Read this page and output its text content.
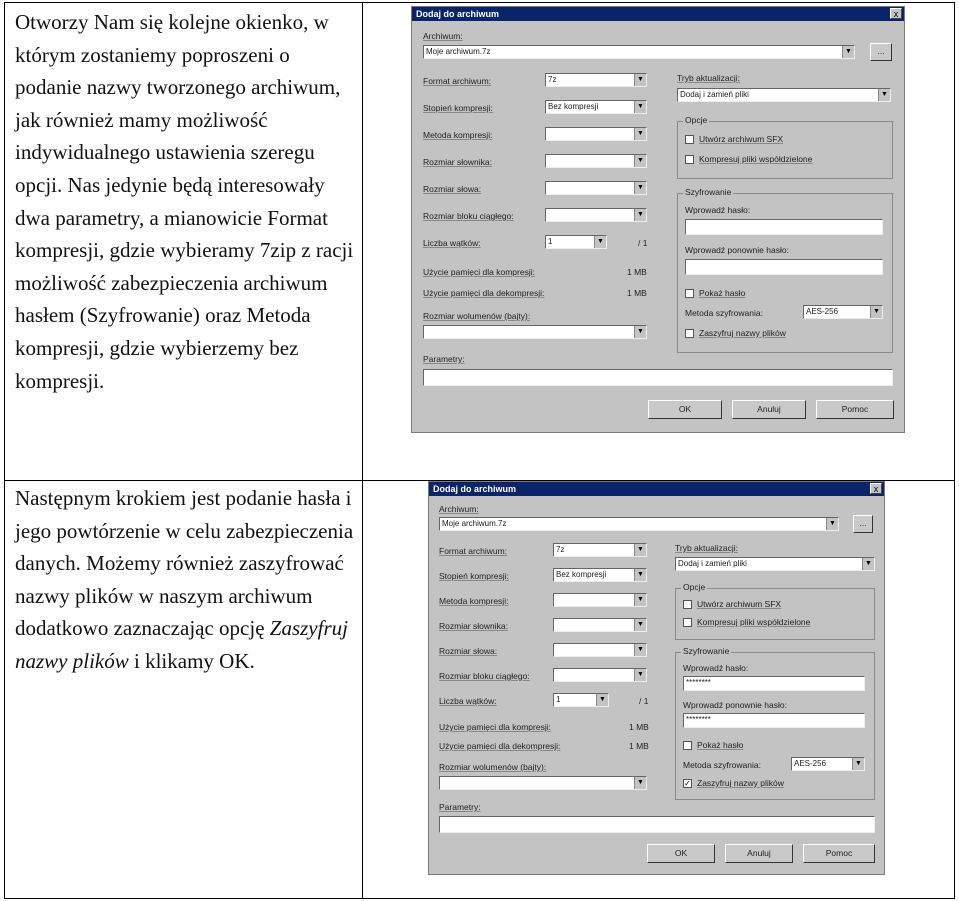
Otworzy Nam się kolejne okienko, w którym zostaniemy poproszeni o podanie nazwy tworzonego archiwum, jak również mamy możliwość indywidualnego ustawienia szeregu opcji. Nas jedynie będą interesowały dwa parametry, a mianowicie Format kompresji, gdzie wybieramy 7zip z racji możliwość zabezpieczenia archiwum hasłem (Szyfrowanie) oraz Metoda kompresji, gdzie wybierzemy bez kompresji.

Następnym krokiem jest podanie hasła i jego powtórzenie w celu zabezpieczenia danych. Możemy również zaszyfrować nazwy plików w naszym archiwum dodatkowo zaznaczając opcję Zaszyfruj nazwy plików i klikamy OK.

Dodaj do archiwum	x
Archiwum:
Moje archiwum.7z	▼	...
Format archiwum:	7z	▼
Stopień kompresji:	Bez kompresji	▼
Metoda kompresji:	▼
Rozmiar słownika:	▼
Rozmiar słowa:	▼
Rozmiar bloku ciągłego:	▼
Liczba wątków:	1	▼	/ 1
Użycie pamięci dla kompresji:	1 MB
Użycie pamięci dla dekompresji:	1 MB
Rozmiar wolumenów (bajty):
▼
Parametry:
Tryb aktualizacji:
Dodaj i zamień pliki	▼
Opcje
Utwórz archiwum SFX
Kompresuj pliki współdzielone
Szyfrowanie
Wprowadź hasło:
Wprowadź ponownie hasło:
Pokaż hasło
Metoda szyfrowania:	AES-256	▼
Zaszyfruj nazwy plików
OK	Anuluj	Pomoc
Dodaj do archiwum	x
Archiwum:
Moje archiwum.7z	▼	...
Format archiwum:	7z	▼
Stopień kompresji:	Bez kompresji	▼
Metoda kompresji:	▼
Rozmiar słownika:	▼
Rozmiar słowa:	▼
Rozmiar bloku ciągłego:	▼
Liczba wątków:	1	▼	/ 1
Użycie pamięci dla kompresji:	1 MB
Użycie pamięci dla dekompresji:	1 MB
Rozmiar wolumenów (bajty):
▼
Parametry:
Tryb aktualizacji:
Dodaj i zamień pliki	▼
Opcje
Utwórz archiwum SFX
Kompresuj pliki współdzielone
Szyfrowanie
Wprowadź hasło:
********
Wprowadź ponownie hasło:
********
Pokaż hasło
Metoda szyfrowania:	AES-256	▼
✓ Zaszyfruj nazwy plików
OK	Anuluj	Pomoc
